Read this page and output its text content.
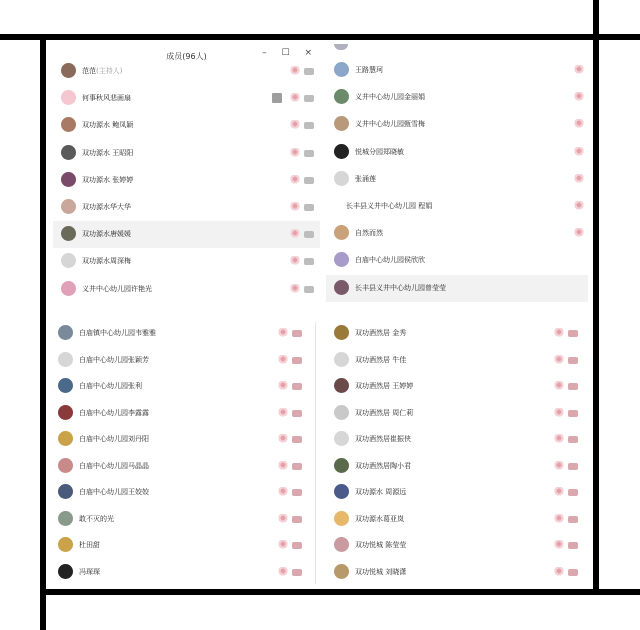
成员(96人)	– ☐ ×
范范(主持人)
何事秋风悲画扇
双功源水 鲍凤颖
双功源水 王昭阳
双功源水 张婷婷
双功源水华大华
双功源水唐媛媛
双功源水周深梅
义井中心幼儿园许艳光
王路慧珂
义井中心幼儿园金丽娟
义井中心幼儿园甄雪梅
悦城分园郑晓敏
张涌莲
长丰县义井中心幼儿园 程娟
自然而然
白庙中心幼儿园侯欣欣
长丰县义井中心幼儿园曾莹莹
白庙镇中心幼儿园韦雅雅
白庙中心幼儿园张颖芳
白庙中心幼儿园张利
白庙中心幼儿园李露露
白庙中心幼儿园刘丹阳
白庙中心幼儿园马晶晶
白庙中心幼儿园王姣姣
敢不灭的光
杜田甜
冯琛琛
双功酒然居 金秀
双功酒然居 牛佳
双功酒然居 王婷婷
双功酒然居 周仁莉
双功酒然居崔振侠
双功酒然居陶小君
双功源水 周源远
双功源水葛亚岚
双功悦城 陈莹莹
双功悦城 刘晓潇
